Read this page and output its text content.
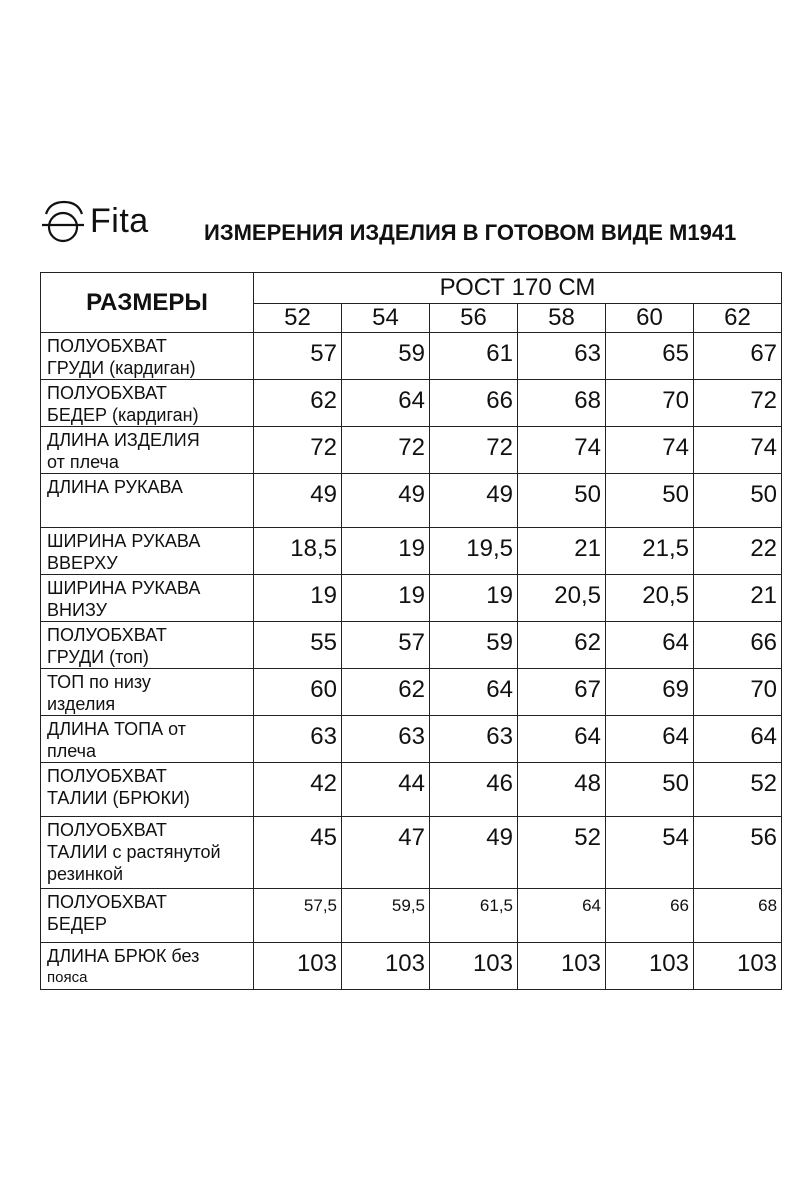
Fita	ИЗМЕРЕНИЯ ИЗДЕЛИЯ В ГОТОВОМ ВИДЕ М1941
РАЗМЕРЫ	РОСТ 170 СМ					
	52	54	56	58	60	62

ПОЛУОБХВАТ
ГРУДИ (кардиган)	57	59	61	63	65	67

ПОЛУОБХВАТ
БЕДЕР (кардиган)	62	64	66	68	70	72

ДЛИНА ИЗДЕЛИЯ
от плеча	72	72	72	74	74	74

ДЛИНА РУКАВА	49	49	49	50	50	50

ШИРИНА РУКАВА
ВВЕРХУ	18,5	19	19,5	21	21,5	22

ШИРИНА РУКАВА
ВНИЗУ	19	19	19	20,5	20,5	21

ПОЛУОБХВАТ
ГРУДИ (топ)	55	57	59	62	64	66

ТОП по низу
изделия	60	62	64	67	69	70

ДЛИНА ТОПА от
плеча	63	63	63	64	64	64

ПОЛУОБХВАТ
ТАЛИИ (БРЮКИ)	42	44	46	48	50	52

ПОЛУОБХВАТ
ТАЛИИ с растянутой
резинкой	45	47	49	52	54	56

ПОЛУОБХВАТ
БЕДЕР	57,5	59,5	61,5	64	66	68

ДЛИНА БРЮК без
пояса	103	103	103	103	103	103
